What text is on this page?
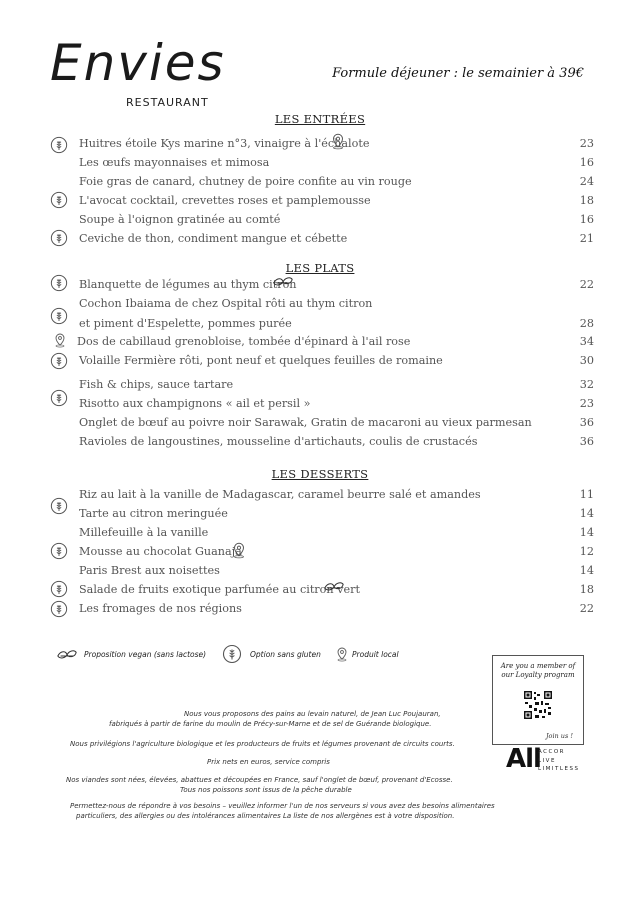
Envies
RESTAURANT
Formule déjeuner : le semainier à 39€
LES ENTRÉES
LES PLATS
LES DESSERTS
Huitres étoile Kys marine n°3, vinaigre à l'échalote	23
Les œufs mayonnaises et mimosa	16
Foie gras de canard, chutney de poire confite au vin rouge	24
L'avocat cocktail, crevettes roses et pamplemousse	18
Soupe à l'oignon gratinée au comté	16
Ceviche de thon, condiment mangue et cébette	21
Blanquette de légumes au thym citron	22
Cochon Ibaiama de chez Ospital rôti au thym citron
et piment d'Espelette, pommes purée	28
Dos de cabillaud grenobloise, tombée d'épinard à l'ail rose	34
Volaille Fermière rôti, pont neuf et quelques feuilles de romaine	30
Fish & chips, sauce tartare	32
Risotto aux champignons « ail et persil »	23
Onglet de bœuf au poivre noir Sarawak, Gratin de macaroni au vieux parmesan	36
Ravioles de langoustines, mousseline d'artichauts, coulis de crustacés	36
Riz au lait à la vanille de Madagascar, caramel beurre salé et amandes	11
Tarte au citron meringuée	14
Millefeuille à la vanille	14
Mousse au chocolat Guanaja	12
Paris Brest aux noisettes	14
Salade de fruits exotique parfumée au citron vert	18
Les fromages de nos régions	22
Proposition vegan (sans lactose)	Option sans gluten	Produit local
Nous vous proposons des pains au levain naturel, de Jean Luc Poujauran,
fabriqués à partir de farine du moulin de Précy-sur-Marne et de sel de Guérande biologique.
Nous privilégions l'agriculture biologique et les producteurs de fruits et légumes provenant de circuits courts.
Prix nets en euros, service compris
Nos viandes sont nées, élevées, abattues et découpées en France, sauf l'onglet de bœuf, provenant d'Ecosse.
Tous nos poissons sont issus de la pêche durable
Permettez-nous de répondre à vos besoins – veuillez informer l'un de nos serveurs si vous avez des besoins alimentaires
particuliers, des allergies ou des intolérances alimentaires La liste de nos allergènes est à votre disposition.
Are you a member of
our Loyalty program
Join us !
All
ACCOR
LIVE
LIMITLESS
